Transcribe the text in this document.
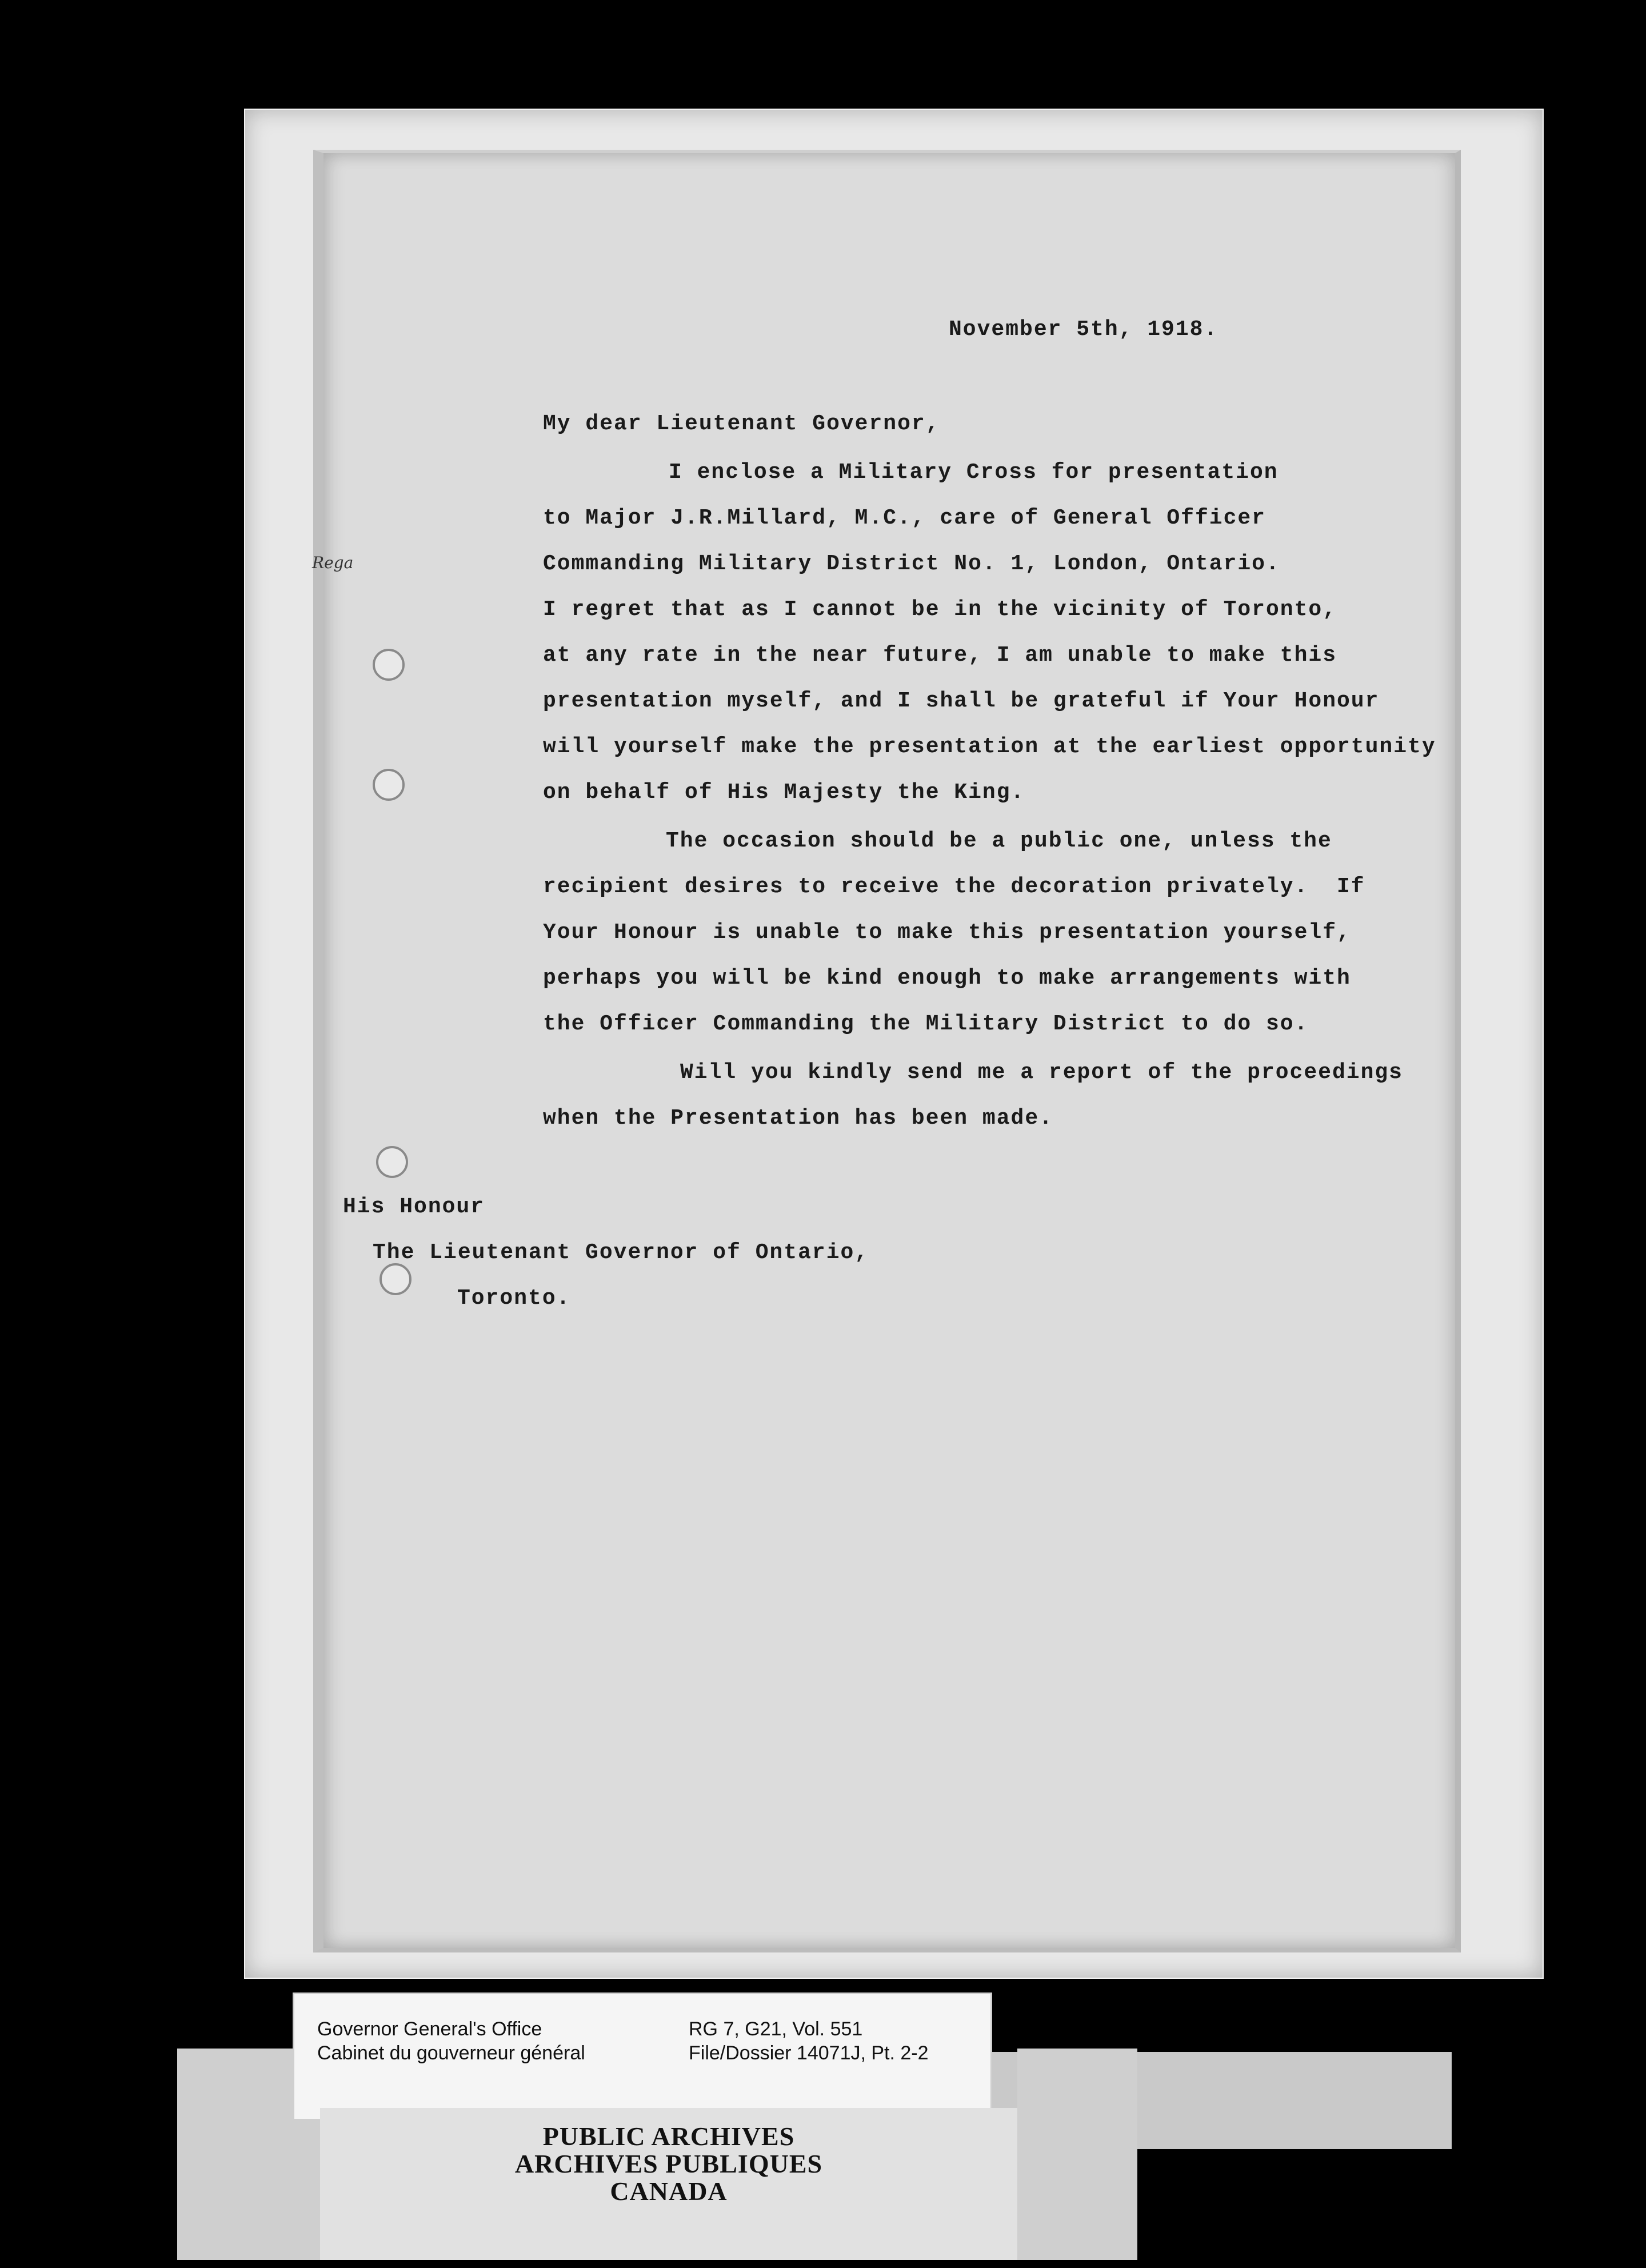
Rega
November 5th, 1918.
My dear Lieutenant Governor,
I enclose a Military Cross for presentation
to Major J.R.Millard, M.C., care of General Officer
Commanding Military District No. 1, London, Ontario.
I regret that as I cannot be in the vicinity of Toronto,
at any rate in the near future, I am unable to make this
presentation myself, and I shall be grateful if Your Honour
will yourself make the presentation at the earliest opportunity
on behalf of His Majesty the King.
The occasion should be a public one, unless the
recipient desires to receive the decoration privately.  If
Your Honour is unable to make this presentation yourself,
perhaps you will be kind enough to make arrangements with
the Officer Commanding the Military District to do so.
Will you kindly send me a report of the proceedings
when the Presentation has been made.
His Honour
The Lieutenant Governor of Ontario,
Toronto.
Governor General's Office
Cabinet du gouverneur général
RG 7, G21, Vol. 551
File/Dossier 14071J, Pt. 2-2
PUBLIC ARCHIVES
ARCHIVES PUBLIQUES
CANADA
